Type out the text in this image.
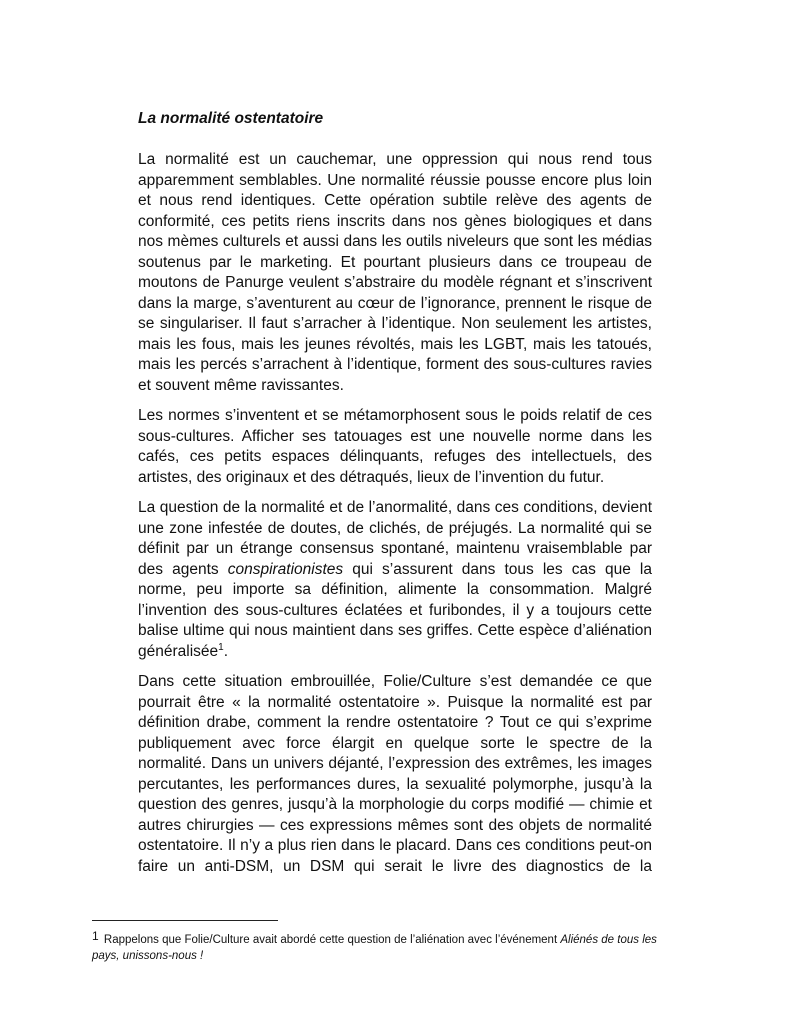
La normalité ostentatoire

La normalité est un cauchemar, une oppression qui nous rend tous apparemment semblables. Une normalité réussie pousse encore plus loin et nous rend identiques. Cette opération subtile relève des agents de conformité, ces petits riens inscrits dans nos gènes biologiques et dans nos mèmes culturels et aussi dans les outils niveleurs que sont les médias soutenus par le marketing. Et pourtant plusieurs dans ce troupeau de moutons de Panurge veulent s’abstraire du modèle régnant et s’inscrivent dans la marge, s’aventurent au cœur de l’ignorance, prennent le risque de se singulariser. Il faut s’arracher à l’identique. Non seulement les artistes, mais les fous, mais les jeunes révoltés, mais les LGBT, mais les tatoués, mais les percés s’arrachent à l’identique, forment des sous-cultures ravies et souvent même ravissantes.

Les normes s’inventent et se métamorphosent sous le poids relatif de ces sous-cultures. Afficher ses tatouages est une nouvelle norme dans les cafés, ces petits espaces délinquants, refuges des intellectuels, des artistes, des originaux et des détraqués, lieux de l’invention du futur.

La question de la normalité et de l’anormalité, dans ces conditions, devient une zone infestée de doutes, de clichés, de préjugés. La normalité qui se définit par un étrange consensus spontané, maintenu vraisemblable par des agents conspirationistes qui s’assurent dans tous les cas que la norme, peu importe sa définition, alimente la consommation. Malgré l’invention des sous-cultures éclatées et furibondes, il y a toujours cette balise ultime qui nous maintient dans ses griffes. Cette espèce d’aliénation généralisée$^1$.

Dans cette situation embrouillée, Folie/Culture s’est demandée ce que pourrait être « la normalité ostentatoire ». Puisque la normalité est par définition drabe, comment la rendre ostentatoire ? Tout ce qui s’exprime publiquement avec force élargit en quelque sorte le spectre de la normalité. Dans un univers déjanté, l’expression des extrêmes, les images percutantes, les performances dures, la sexualité polymorphe, jusqu’à la question des genres, jusqu’à la morphologie du corps modifié — chimie et autres chirurgies — ces expressions mêmes sont des objets de normalité ostentatoire. Il n’y a plus rien dans le placard. Dans ces conditions peut-on faire un anti-DSM, un DSM qui serait le livre des diagnostics de la

1 Rappelons que Folie/Culture avait abordé cette question de l’aliénation avec l’événement Aliénés de tous les pays, unissons-nous !
